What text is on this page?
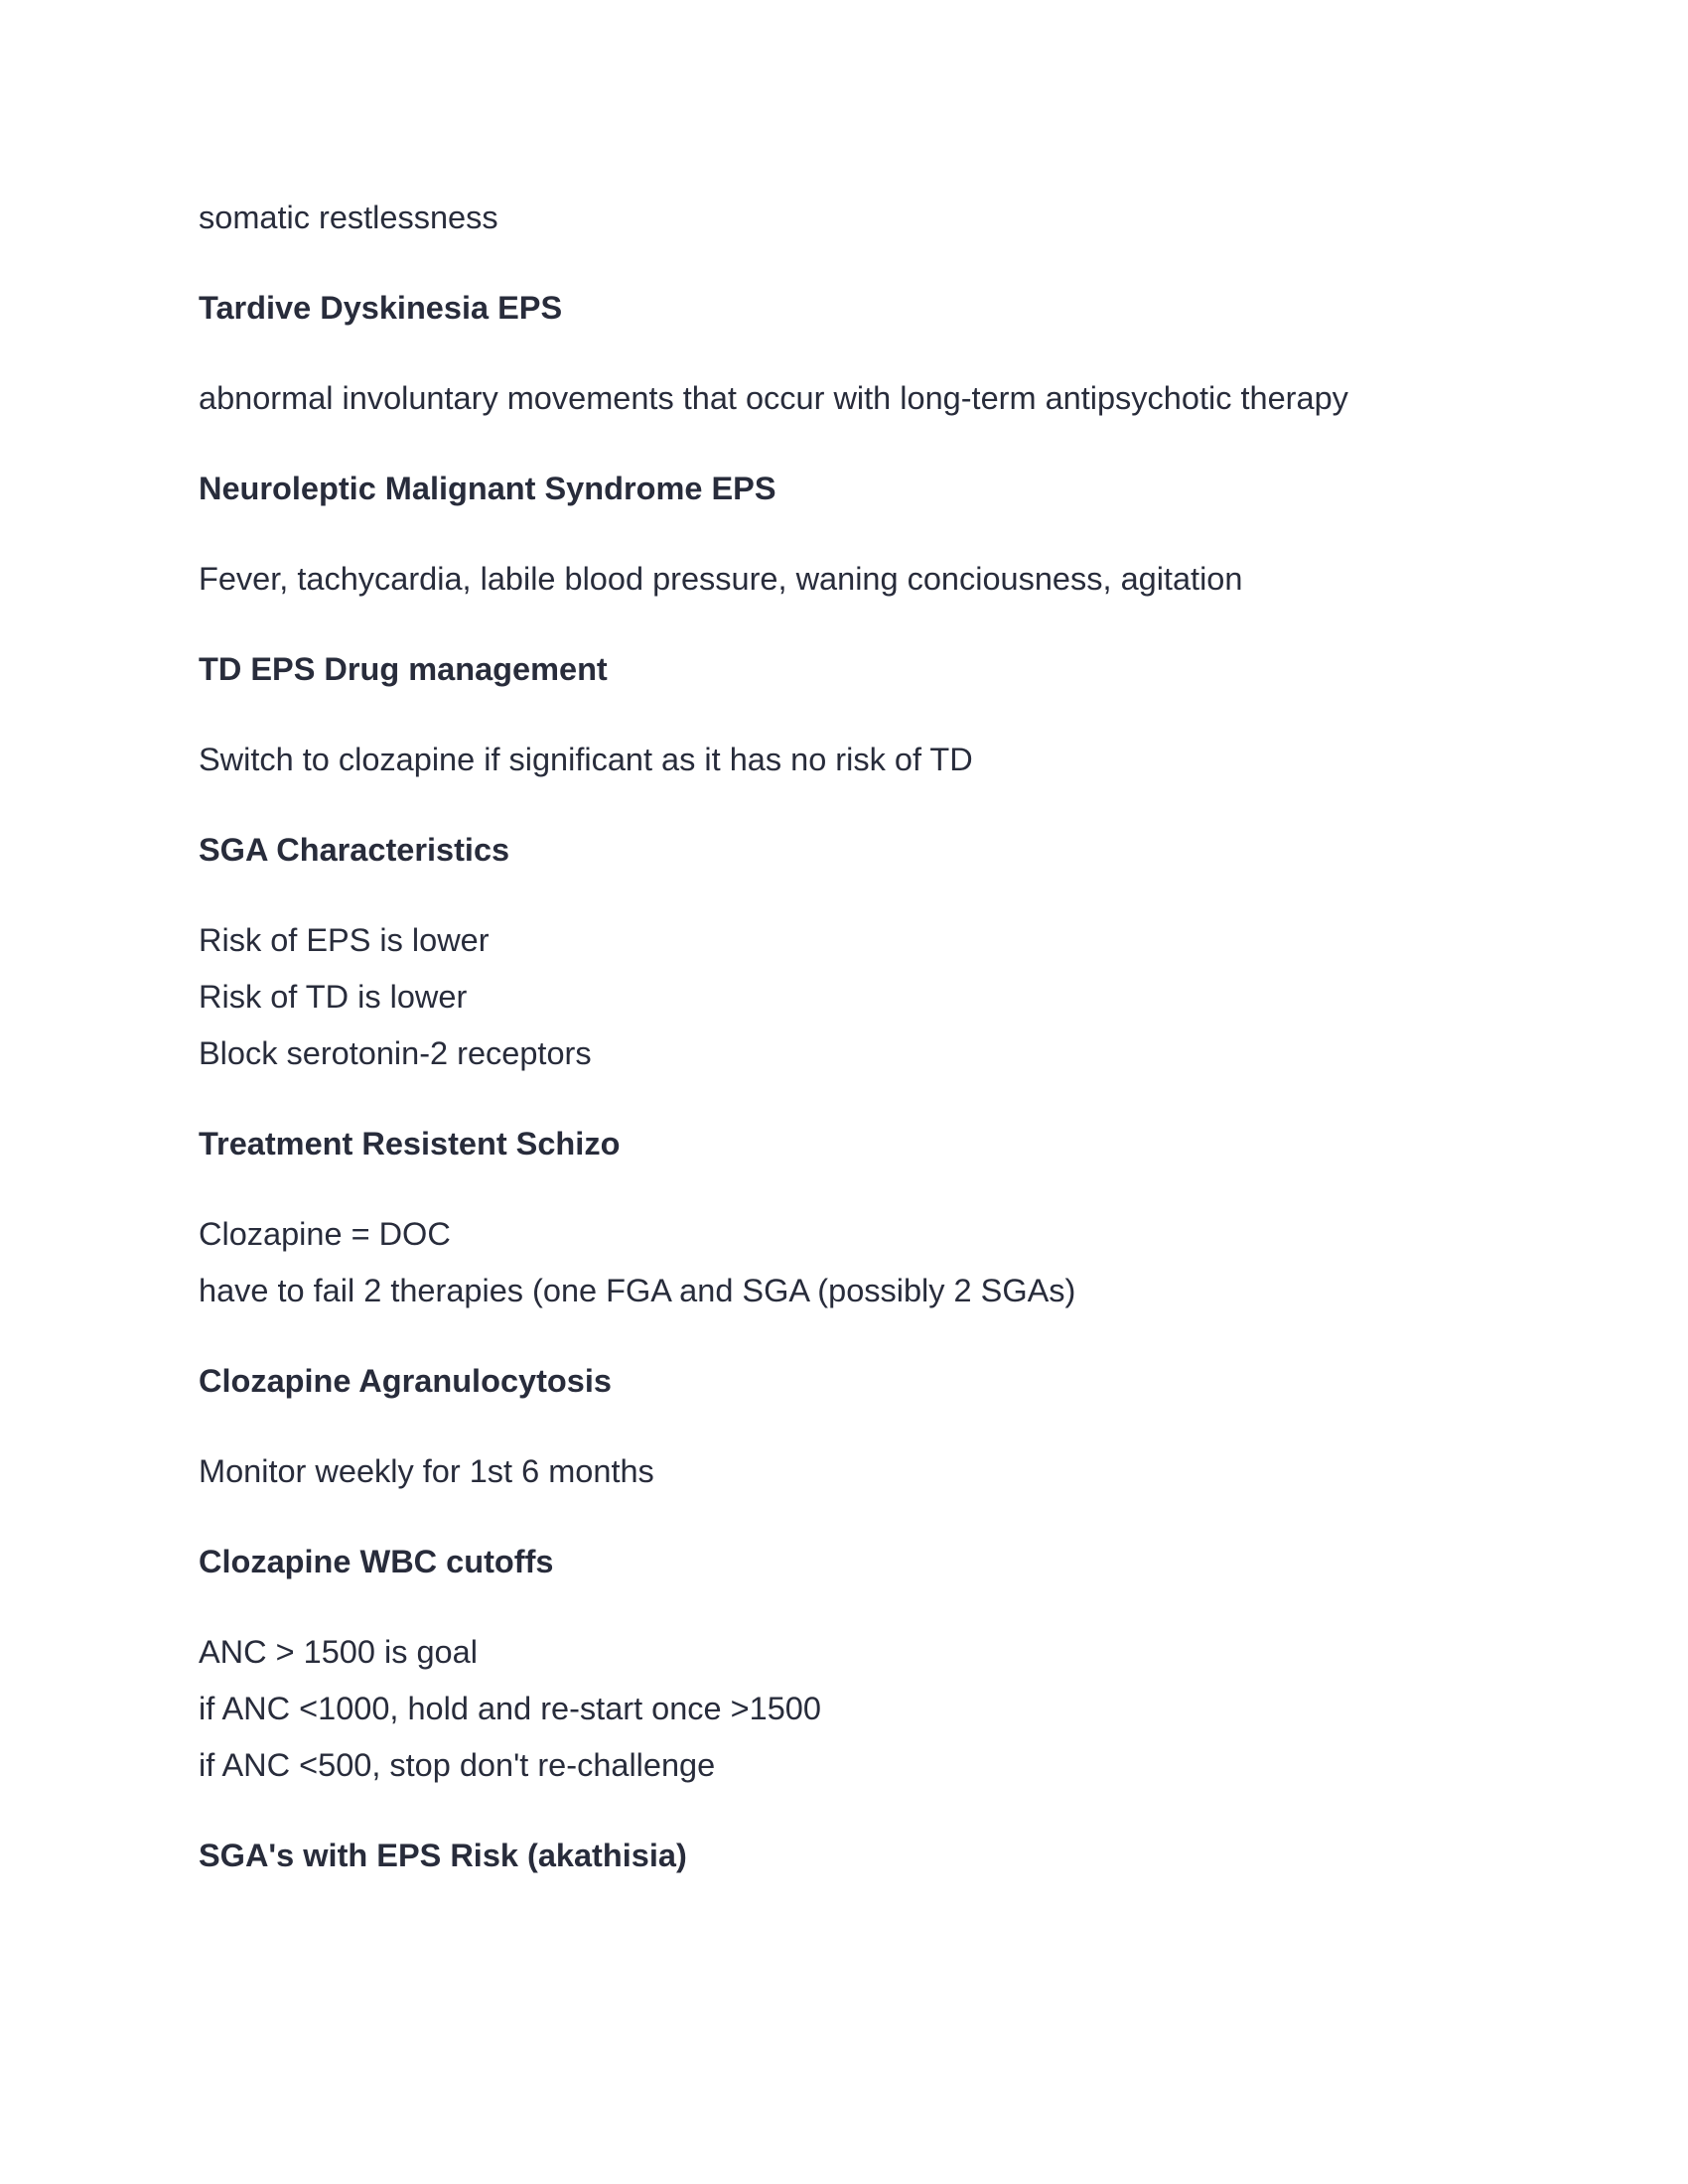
somatic restlessness

Tardive Dyskinesia EPS

abnormal involuntary movements that occur with long-term antipsychotic therapy

Neuroleptic Malignant Syndrome EPS

Fever, tachycardia, labile blood pressure, waning conciousness, agitation

TD EPS Drug management

Switch to clozapine if significant as it has no risk of TD

SGA Characteristics

Risk of EPS is lower

Risk of TD is lower

Block serotonin-2 receptors

Treatment Resistent Schizo

Clozapine = DOC

have to fail 2 therapies (one FGA and SGA (possibly 2 SGAs)

Clozapine Agranulocytosis

Monitor weekly for 1st 6 months

Clozapine WBC cutoffs

ANC > 1500 is goal

if ANC <1000, hold and re-start once >1500

if ANC <500, stop don't re-challenge

SGA's with EPS Risk (akathisia)
